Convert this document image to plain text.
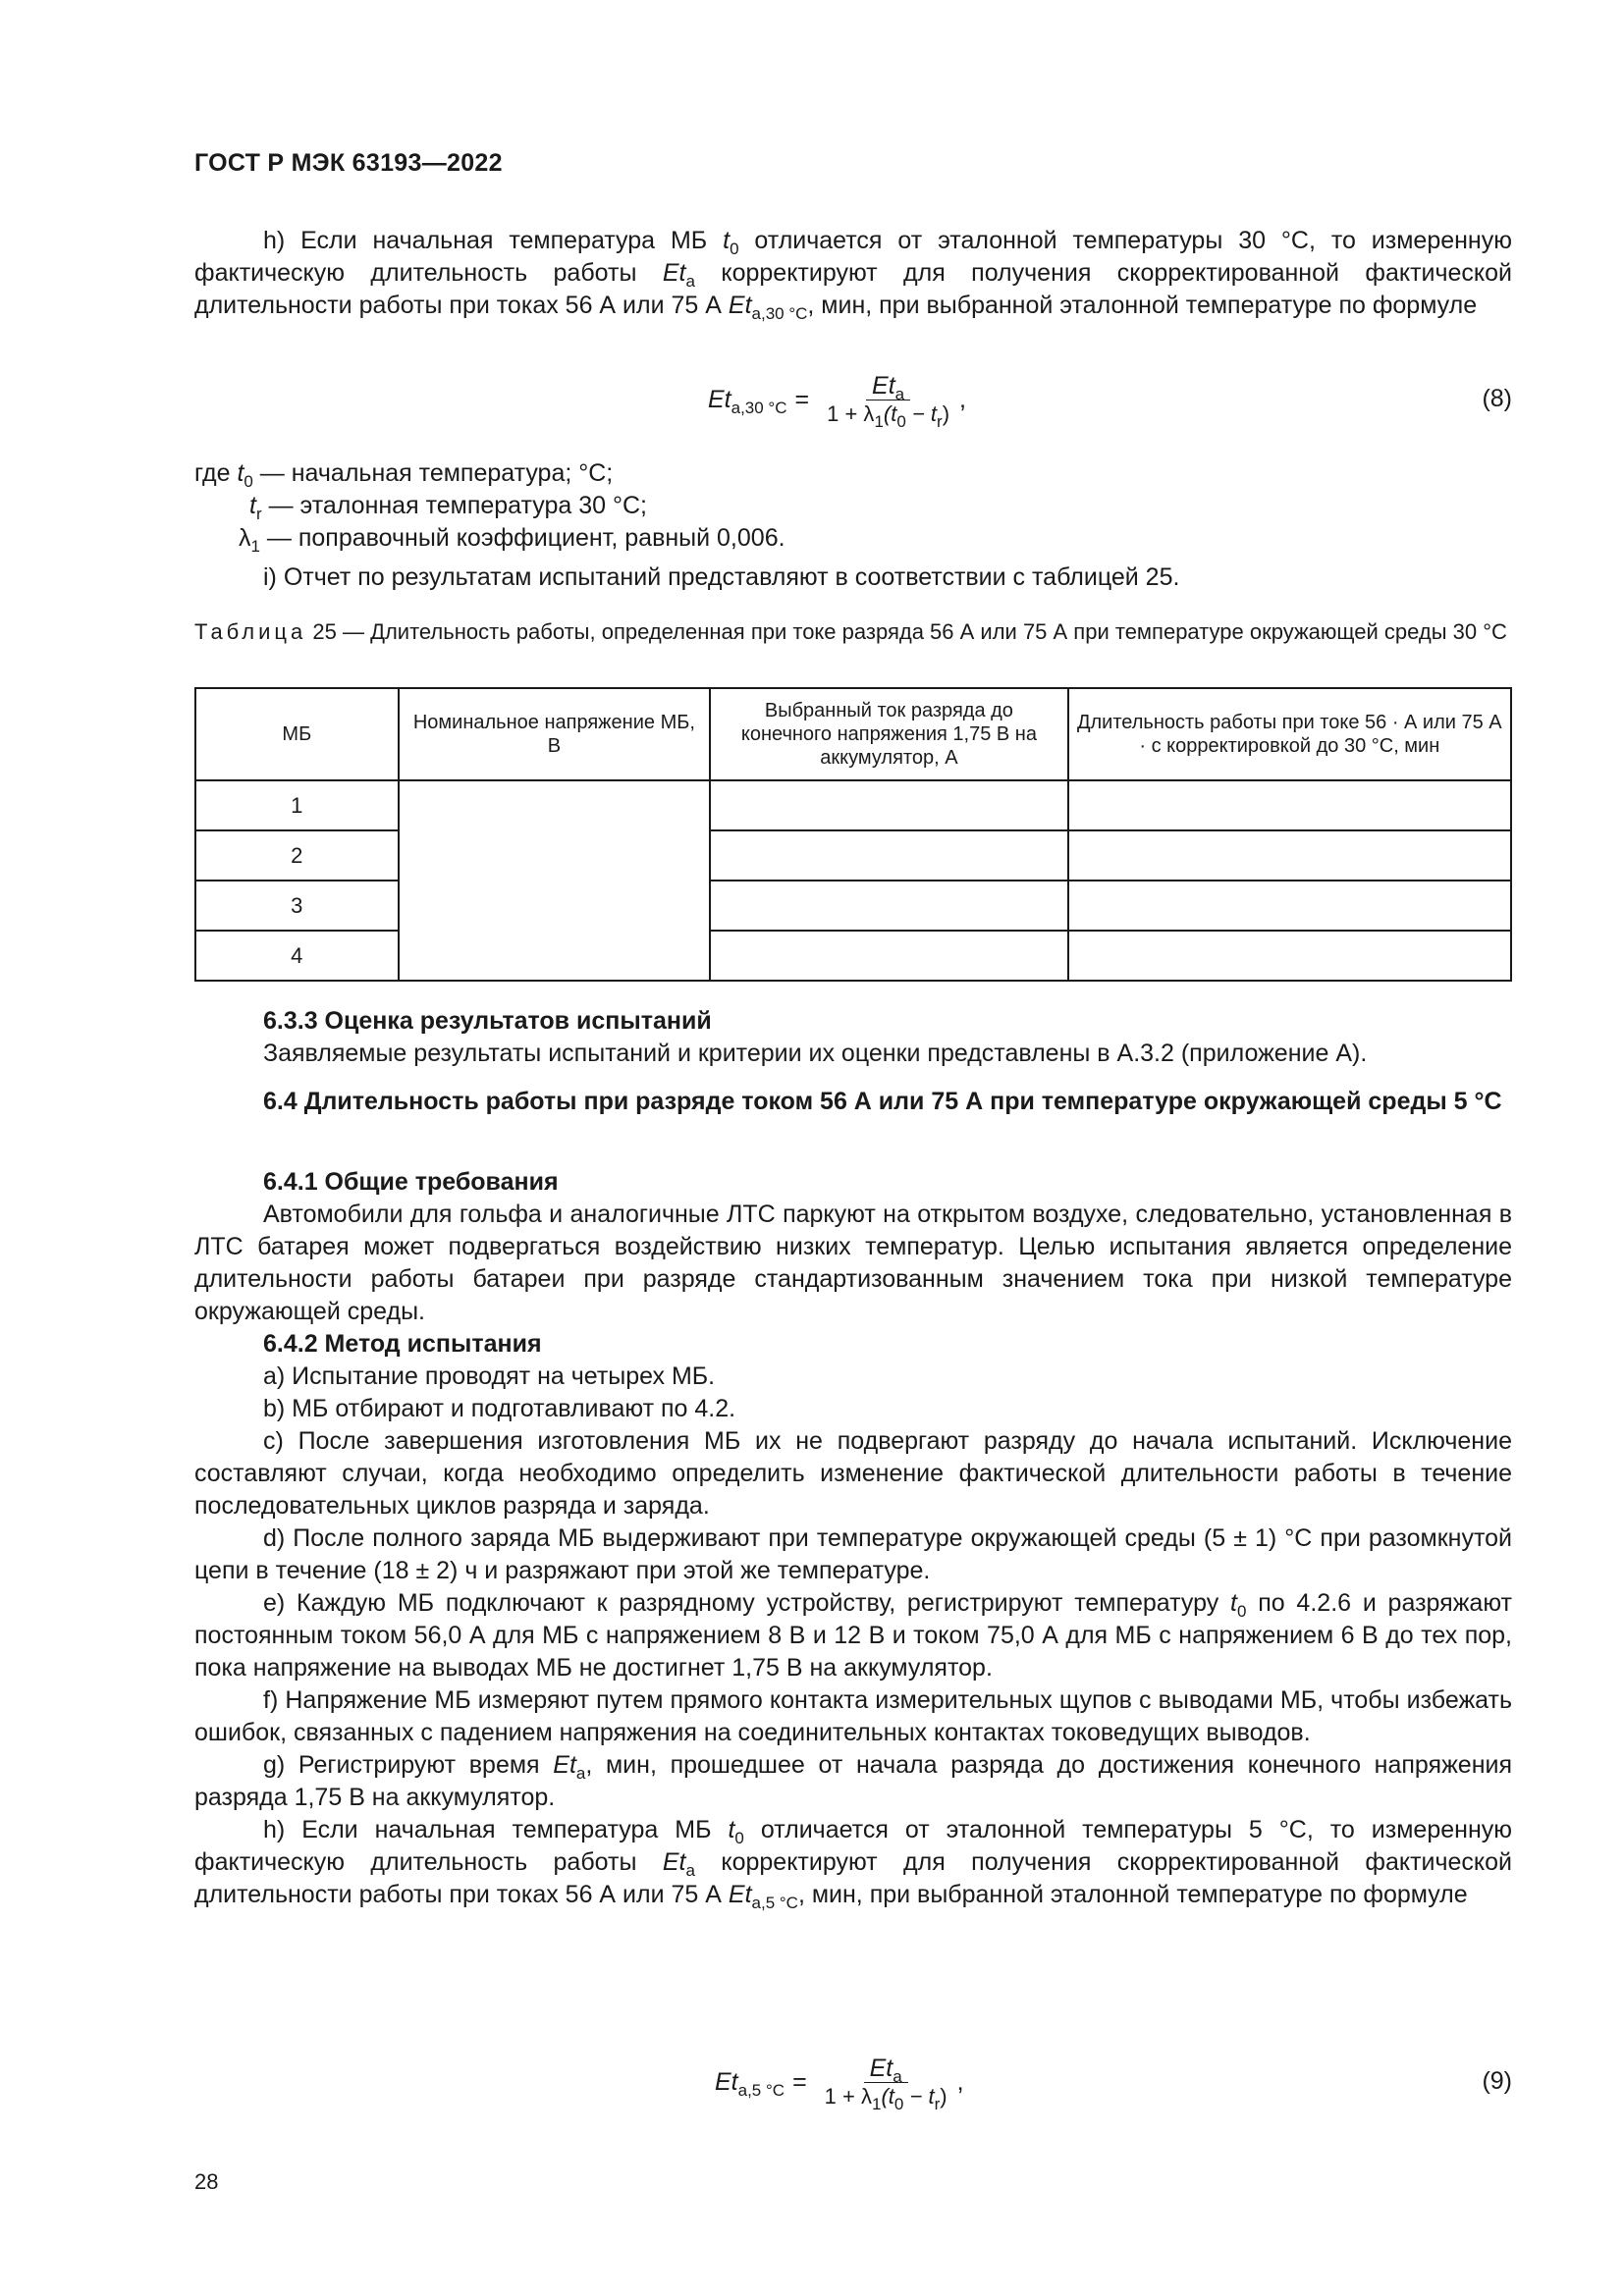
ГОСТ Р МЭК 63193—2022

h) Если начальная температура МБ $t_0$ отличается от эталонной температуры 30 °C, то измеренную фактическую длительность работы $Et_a$ корректируют для получения скорректированной фактической длительности работы при токах 56 А или 75 А $Et_{a,30 ^\circ C}$, мин, при выбранной эталонной температуре по формуле

$Et_{a,30 ^\circ C} = \frac{Et_a}{1 + \lambda_1(t_0 - t_r)}$ ,	(8)
где $t_0$ — начальная температура; °C;
$t_r$ — эталонная температура 30 °C;
$\lambda_1$ — поправочный коэффициент, равный 0,006.

i) Отчет по результатам испытаний представляют в соответствии с таблицей 25.

Таблица 25 — Длительность работы, определенная при токе разряда 56 А или 75 А при температуре окружающей среды 30 °C
МБ	Номинальное напряжение МБ, В	Выбранный ток разряда до конечного напряжения 1,75 В на аккумулятор, А	Длительность работы при токе 56 · А или 75 А · с корректировкой до 30 °C, мин
1			
2			
3			
4			

6.3.3 Оценка результатов испытаний

Заявляемые результаты испытаний и критерии их оценки представлены в А.3.2 (приложение А).

6.4 Длительность работы при разряде током 56 А или 75 А при температуре окружающей среды 5 °C

6.4.1 Общие требования

Автомобили для гольфа и аналогичные ЛТС паркуют на открытом воздухе, следовательно, установленная в ЛТС батарея может подвергаться воздействию низких температур. Целью испытания является определение длительности работы батареи при разряде стандартизованным значением тока при низкой температуре окружающей среды.

6.4.2 Метод испытания

a) Испытание проводят на четырех МБ.

b) МБ отбирают и подготавливают по 4.2.

c) После завершения изготовления МБ их не подвергают разряду до начала испытаний. Исключение составляют случаи, когда необходимо определить изменение фактической длительности работы в течение последовательных циклов разряда и заряда.

d) После полного заряда МБ выдерживают при температуре окружающей среды (5 ± 1) °C при разомкнутой цепи в течение (18 ± 2) ч и разряжают при этой же температуре.

e) Каждую МБ подключают к разрядному устройству, регистрируют температуру $t_0$ по 4.2.6 и разряжают постоянным током 56,0 А для МБ с напряжением 8 В и 12 В и током 75,0 А для МБ с напряжением 6 В до тех пор, пока напряжение на выводах МБ не достигнет 1,75 В на аккумулятор.

f) Напряжение МБ измеряют путем прямого контакта измерительных щупов с выводами МБ, чтобы избежать ошибок, связанных с падением напряжения на соединительных контактах токоведущих выводов.

g) Регистрируют время $Et_a$, мин, прошедшее от начала разряда до достижения конечного напряжения разряда 1,75 В на аккумулятор.

h) Если начальная температура МБ $t_0$ отличается от эталонной температуры 5 °C, то измеренную фактическую длительность работы $Et_a$ корректируют для получения скорректированной фактической длительности работы при токах 56 А или 75 А $Et_{a,5 ^\circ C}$, мин, при выбранной эталонной температуре по формуле

$Et_{a,5 ^\circ C} = \frac{Et_a}{1 + \lambda_1(t_0 - t_r)}$ ,	(9)
28
